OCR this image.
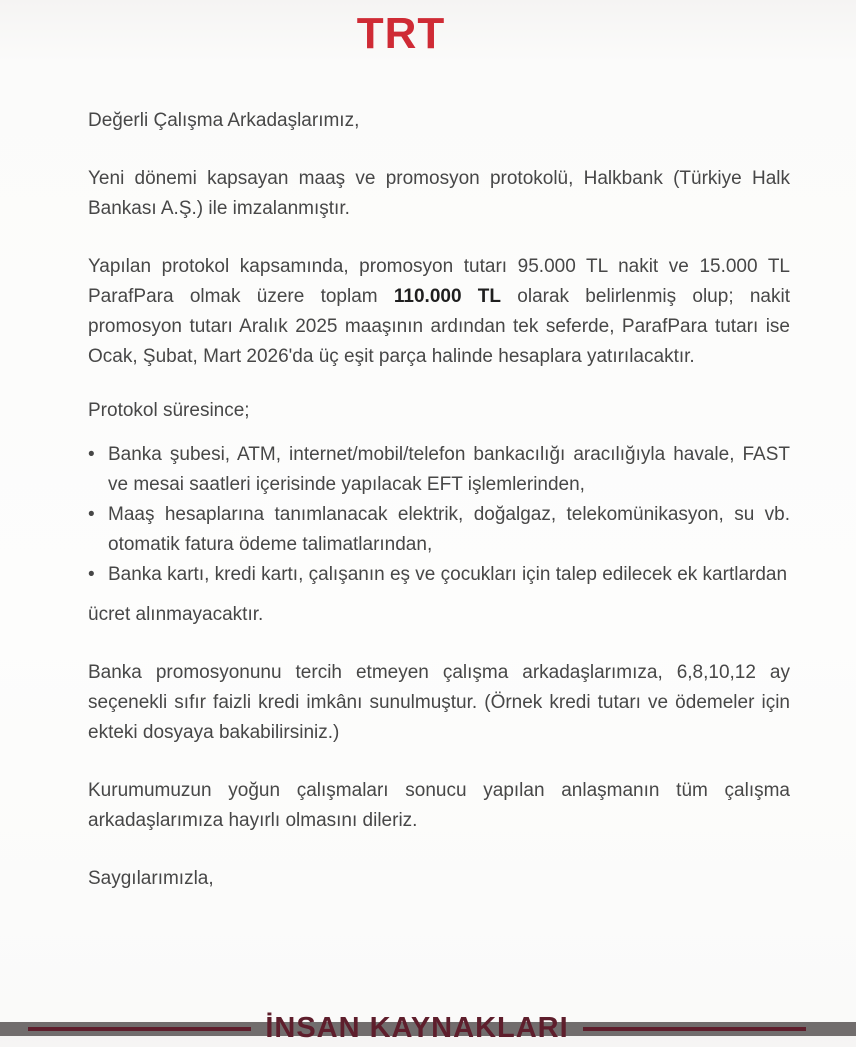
TRT

Değerli Çalışma Arkadaşlarımız,

Yeni dönemi kapsayan maaş ve promosyon protokolü, Halkbank (Türkiye Halk Bankası A.Ş.) ile imzalanmıştır.

Yapılan protokol kapsamında, promosyon tutarı 95.000 TL nakit ve 15.000 TL ParafPara olmak üzere toplam 110.000 TL olarak belirlenmiş olup; nakit promosyon tutarı Aralık 2025 maaşının ardından tek seferde, ParafPara tutarı ise Ocak, Şubat, Mart 2026'da üç eşit parça halinde hesaplara yatırılacaktır.

Protokol süresince;

• Banka şubesi, ATM, internet/mobil/telefon bankacılığı aracılığıyla havale, FAST ve mesai saatleri içerisinde yapılacak EFT işlemlerinden,
• Maaş hesaplarına tanımlanacak elektrik, doğalgaz, telekomünikasyon, su vb. otomatik fatura ödeme talimatlarından,
• Banka kartı, kredi kartı, çalışanın eş ve çocukları için talep edilecek ek kartlardan

ücret alınmayacaktır.

Banka promosyonunu tercih etmeyen çalışma arkadaşlarımıza, 6,8,10,12 ay seçenekli sıfır faizli kredi imkânı sunulmuştur. (Örnek kredi tutarı ve ödemeler için ekteki dosyaya bakabilirsiniz.)

Kurumumuzun yoğun çalışmaları sonucu yapılan anlaşmanın tüm çalışma arkadaşlarımıza hayırlı olmasını dileriz.

Saygılarımızla,

İNSAN KAYNAKLARI
